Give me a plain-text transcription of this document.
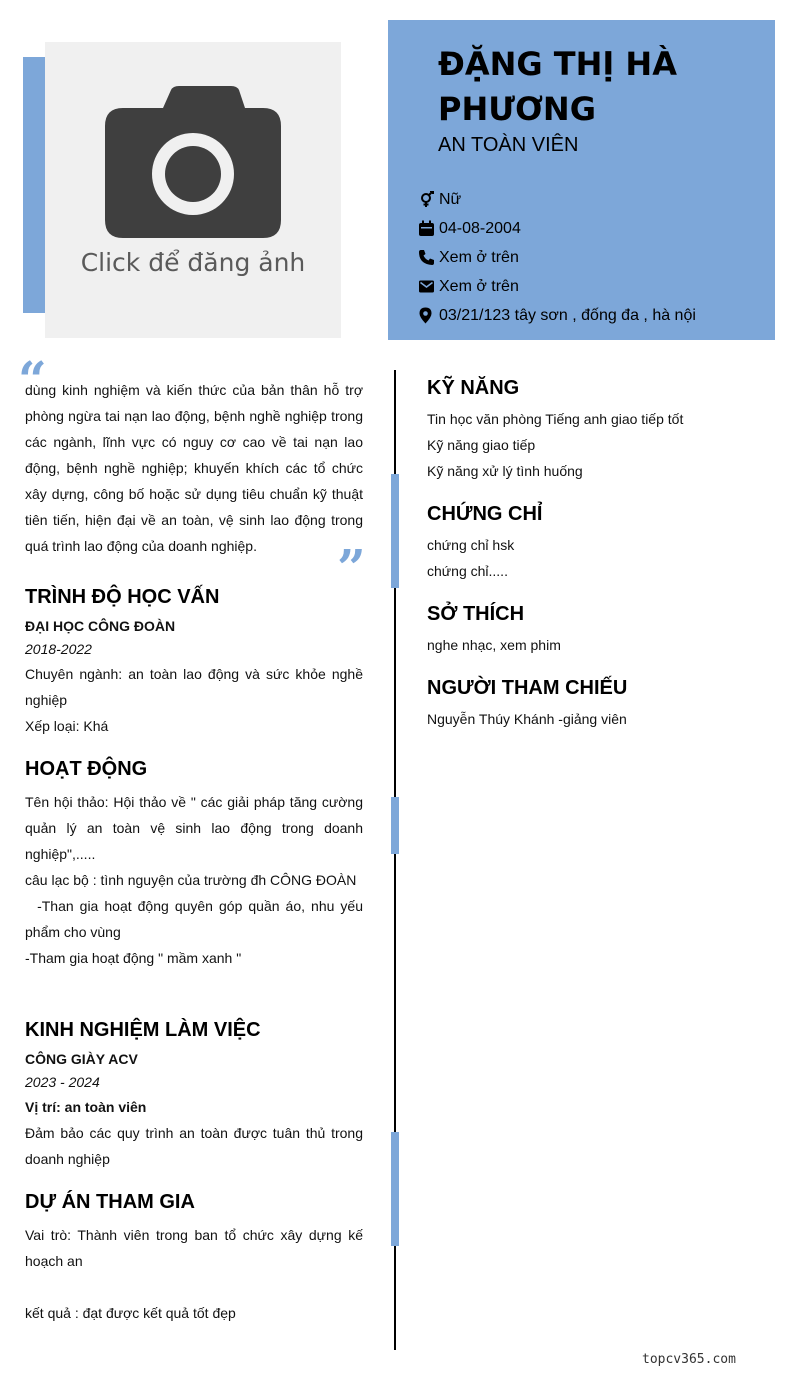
Click để đăng ảnh
ĐẶNG THỊ HÀ PHƯƠNG
AN TOÀN VIÊN
Nữ
04-08-2004
Xem ở trên
Xem ở trên
03/21/123 tây sơn , đống đa , hà nội
“
”

dùng kinh nghiệm và kiến thức của bản thân hỗ trợ phòng ngừa tai nạn lao động, bệnh nghề nghiệp trong các ngành, lĩnh vực có nguy cơ cao về tai nạn lao động, bệnh nghề nghiệp; khuyến khích các tổ chức xây dựng, công bố hoặc sử dụng tiêu chuẩn kỹ thuật tiên tiến, hiện đại về an toàn, vệ sinh lao động trong quá trình lao động của doanh nghiệp.

TRÌNH ĐỘ HỌC VẤN
ĐẠI HỌC CÔNG ĐOÀN
2018-2022

Chuyên ngành: an toàn lao động và sức khỏe nghề nghiệp

Xếp loại: Khá

HOẠT ĐỘNG

Tên hội thảo: Hội thảo về " các giải pháp tăng cường quản lý an toàn vệ sinh lao động trong doanh nghiệp",.....

câu lạc bộ : tình nguyện của trường đh CÔNG ĐOÀN

-Than gia hoạt động quyên góp quần áo, nhu yếu phẩm cho vùng

-Tham gia hoạt động " mầm xanh "

KINH NGHIỆM LÀM VIỆC
CÔNG GIÀY ACV
2023 - 2024
Vị trí: an toàn viên

Đảm bảo các quy trình an toàn được tuân thủ trong doanh nghiệp

DỰ ÁN THAM GIA

Vai trò: Thành viên trong ban tổ chức xây dựng kế hoạch an

kết quả : đạt được kết quả tốt đẹp

KỸ NĂNG

Tin học văn phòng Tiếng anh giao tiếp tốt

Kỹ năng giao tiếp

Kỹ năng xử lý tình huống

CHỨNG CHỈ

chứng chỉ hsk

chứng chỉ.....

SỞ THÍCH

nghe nhạc, xem phim

NGƯỜI THAM CHIẾU

Nguyễn Thúy Khánh -giảng viên

topcv365.com
